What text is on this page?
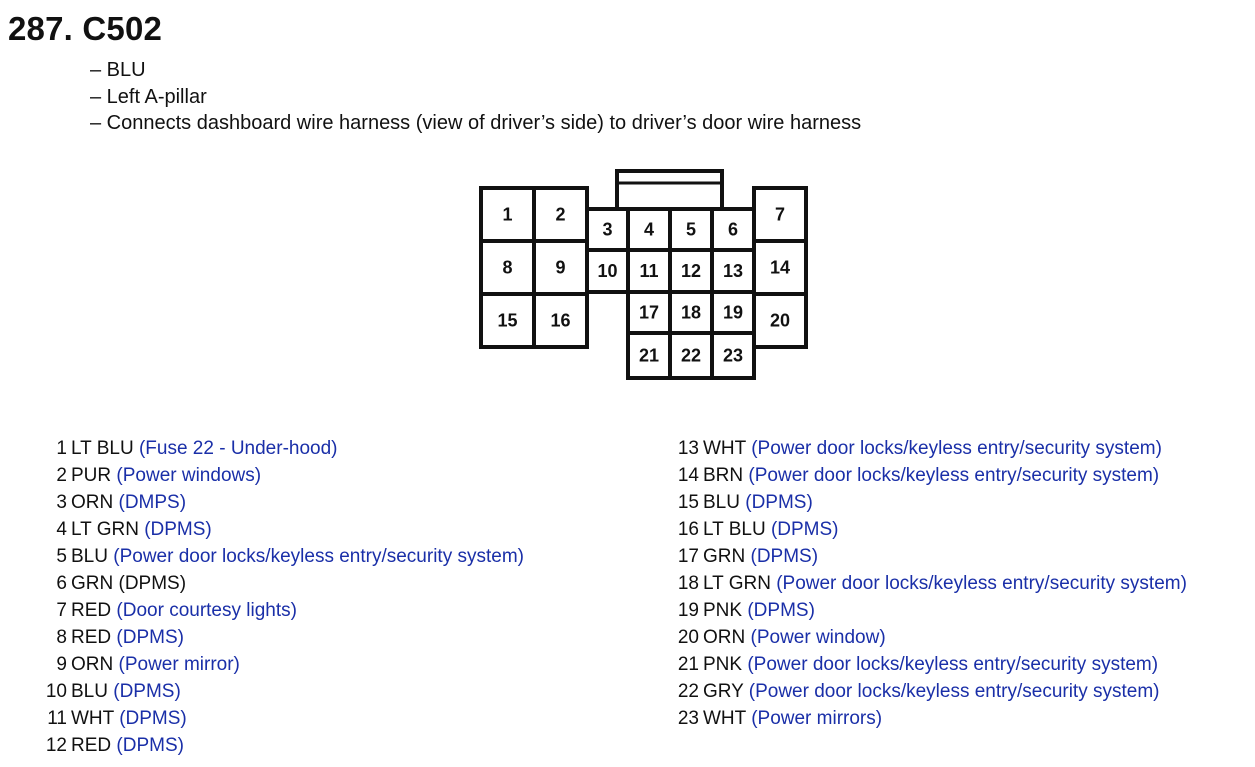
287. C502
– BLU
– Left A-pillar
– Connects dashboard wire harness (view of driver’s side) to driver’s door wire harness
1 2
3 4 5 6
7
8 9 10 11 12 13 14
15 16	17 18 19 20
21 22 23
1 LT BLU (Fuse 22 - Under-hood)
2 PUR (Power windows)
3 ORN (DMPS)
4 LT GRN (DPMS)
5 BLU (Power door locks/keyless entry/security system)
6 GRN (DPMS)
7 RED (Door courtesy lights)
8 RED (DPMS)
9 ORN (Power mirror)
10 BLU (DPMS)
11 WHT (DPMS)
12 RED (DPMS)
13 WHT (Power door locks/keyless entry/security system)
14 BRN (Power door locks/keyless entry/security system)
15 BLU (DPMS)
16 LT BLU (DPMS)
17 GRN (DPMS)
18 LT GRN (Power door locks/keyless entry/security system)
19 PNK (DPMS)
20 ORN (Power window)
21 PNK (Power door locks/keyless entry/security system)
22 GRY (Power door locks/keyless entry/security system)
23 WHT (Power mirrors)
